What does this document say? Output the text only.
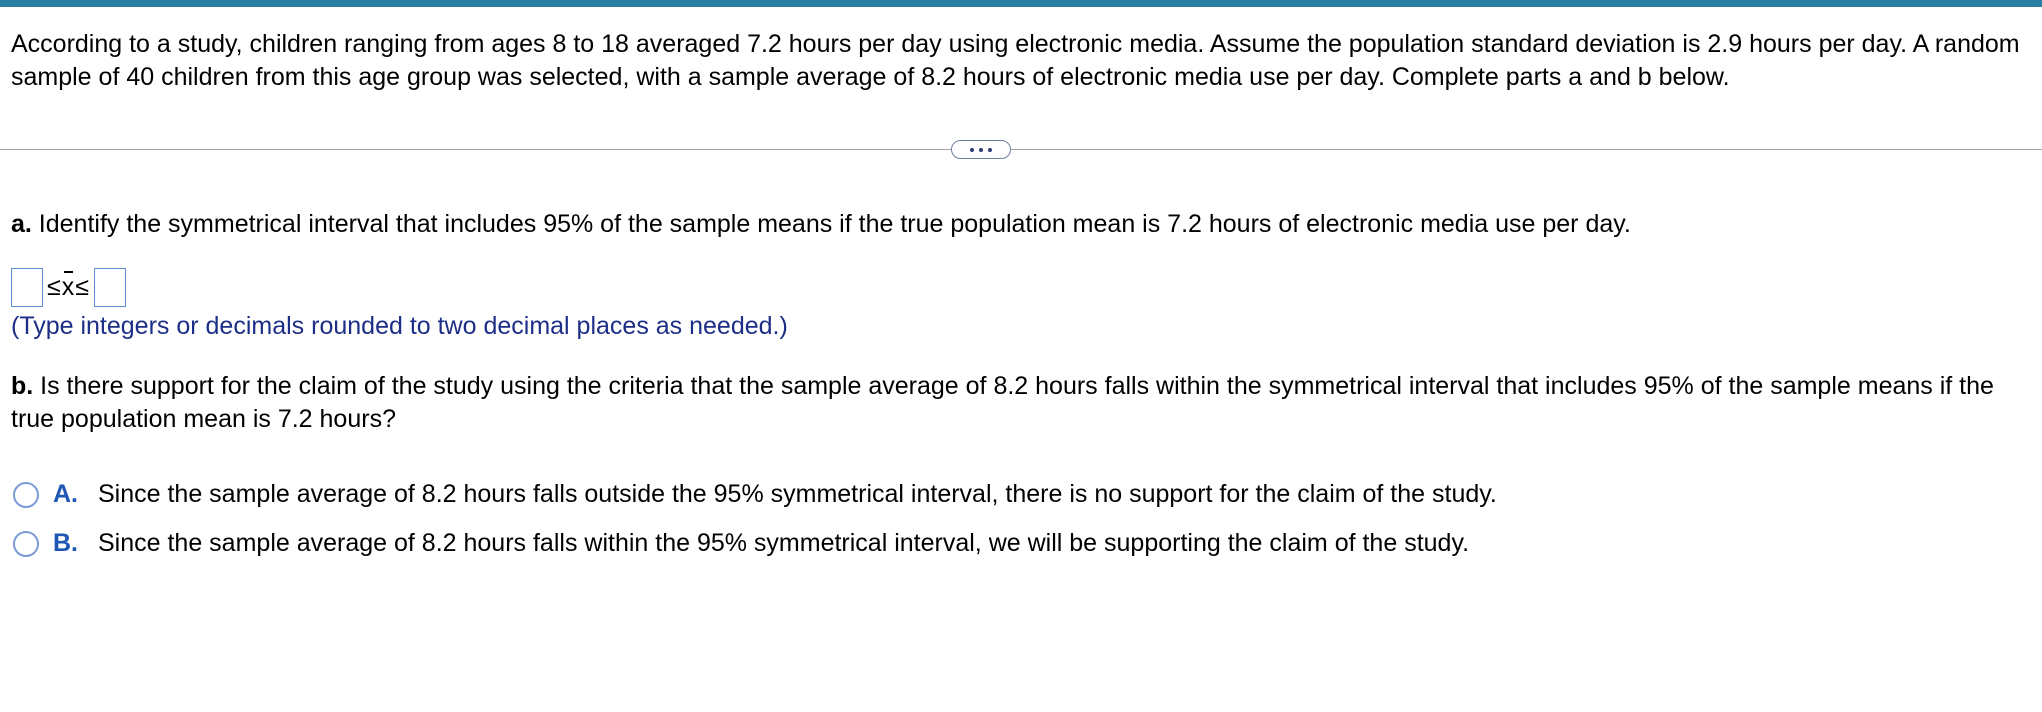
According to a study, children ranging from ages 8 to 18 averaged 7.2 hours per day using electronic media. Assume the population standard deviation is 2.9 hours per day. A random sample of 40 children from this age group was selected, with a sample average of 8.2 hours of electronic media use per day. Complete parts a and b below.
a. Identify the symmetrical interval that includes 95% of the sample means if the true population mean is 7.2 hours of electronic media use per day.
≤x≤
(Type integers or decimals rounded to two decimal places as needed.)
b. Is there support for the claim of the study using the criteria that the sample average of 8.2 hours falls within the symmetrical interval that includes 95% of the sample means if the true population mean is 7.2 hours?
A. Since the sample average of 8.2 hours falls outside the 95% symmetrical interval, there is no support for the claim of the study.
B. Since the sample average of 8.2 hours falls within the 95% symmetrical interval, we will be supporting the claim of the study.
